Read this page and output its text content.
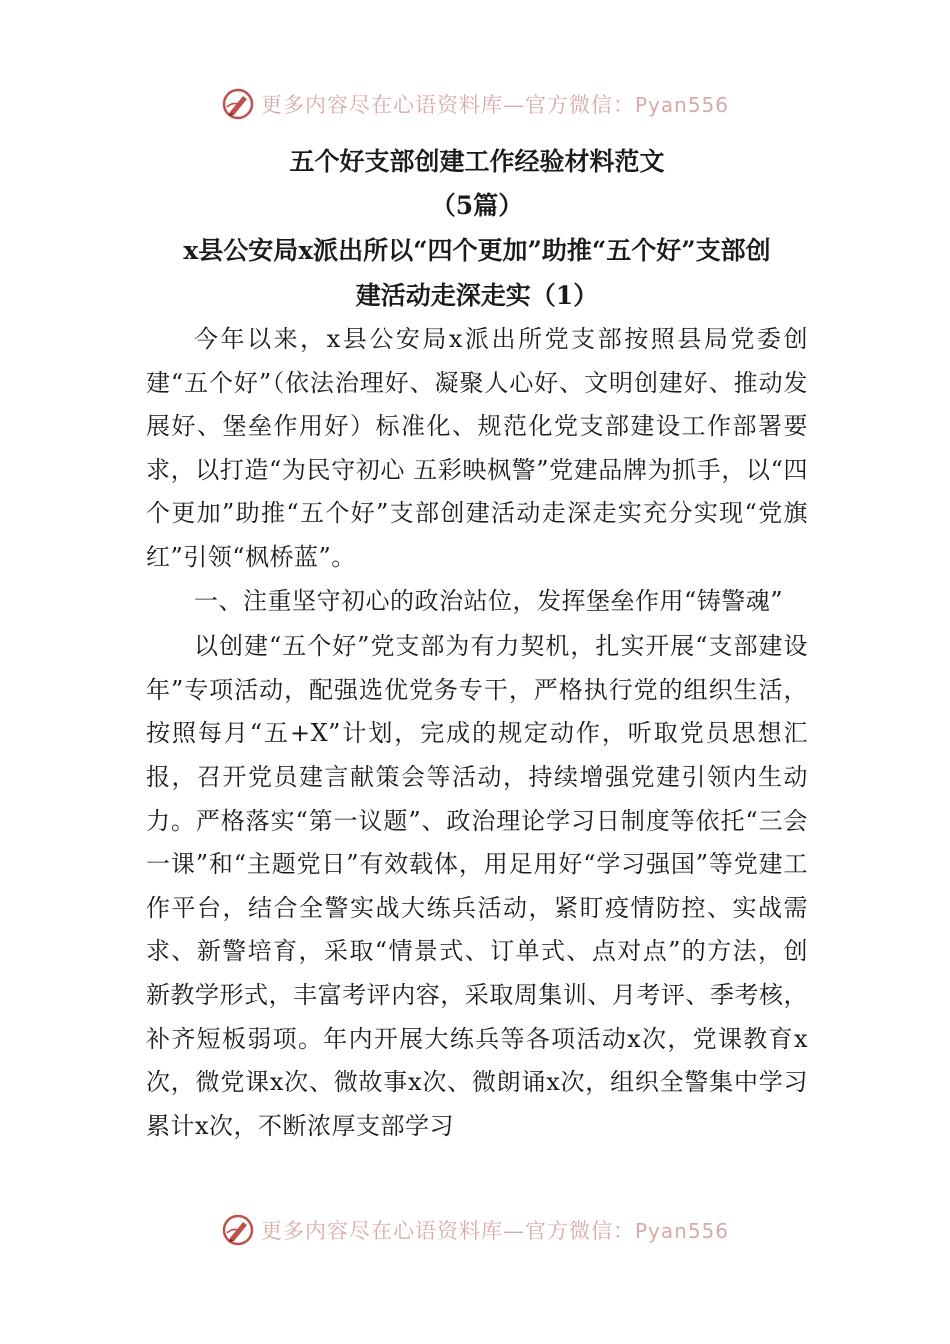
更多内容尽在心语资料库—官方微信：Pyan556

五个好支部创建工作经验材料范文

（5篇）

x县公安局x派出所以“四个更加”助推“五个好”支部创

建活动走深走实（1）

今年以来，x县公安局x派出所党支部按照县局党委创建“五个好”（依法治理好、凝聚人心好、文明创建好、推动发展好、堡垒作用好）标准化、规范化党支部建设工作部署要求，以打造“为民守初心 五彩映枫警”党建品牌为抓手，以“四个更加”助推“五个好”支部创建活动走深走实充分实现“党旗红”引领“枫桥蓝”。

一、注重坚守初心的政治站位，发挥堡垒作用“铸警魂”

以创建“五个好”党支部为有力契机，扎实开展“支部建设年”专项活动，配强选优党务专干，严格执行党的组织生活，按照每月“五+X”计划，完成的规定动作，听取党员思想汇报，召开党员建言献策会等活动，持续增强党建引领内生动力。严格落实“第一议题”、政治理论学习日制度等依托“三会一课”和“主题党日”有效载体，用足用好“学习强国”等党建工作平台，结合全警实战大练兵活动，紧盯疫情防控、实战需求、新警培育，采取“情景式、订单式、点对点”的方法，创新教学形式，丰富考评内容，采取周集训、月考评、季考核，补齐短板弱项。年内开展大练兵等各项活动x次，党课教育x次，微党课x次、微故事x次、微朗诵x次，组织全警集中学习累计x次，不断浓厚支部学习

更多内容尽在心语资料库—官方微信：Pyan556
